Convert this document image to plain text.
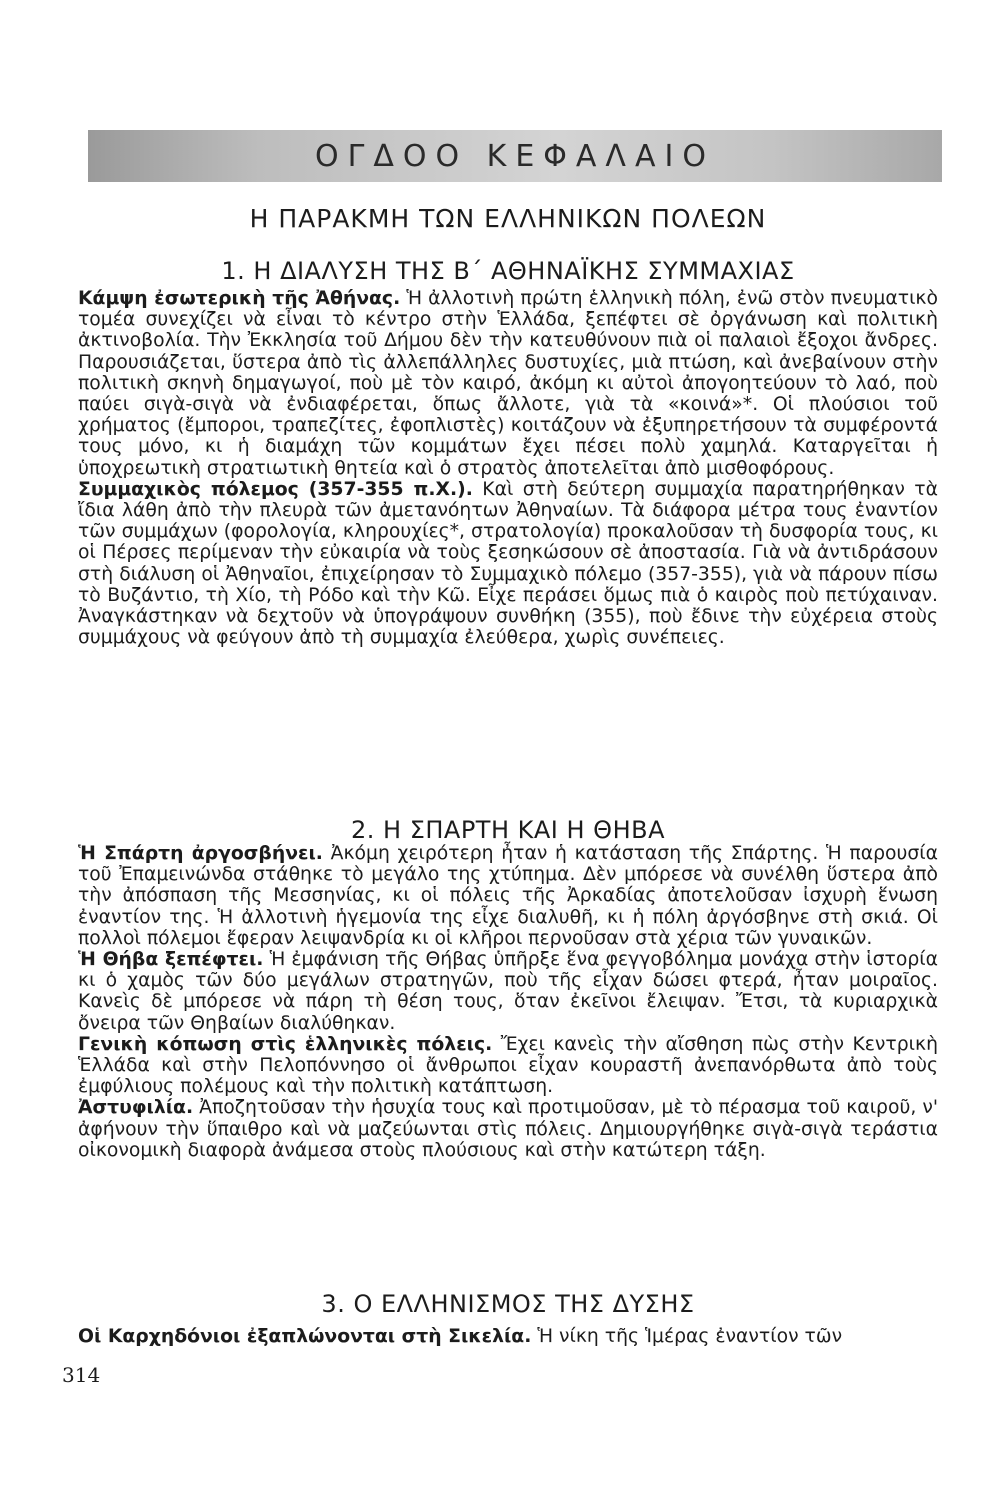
ΟΓΔΟΟ ΚΕΦΑΛΑΙΟ
Η ΠΑΡΑΚΜΗ ΤΩΝ ΕΛΛΗΝΙΚΩΝ ΠΟΛΕΩΝ
1. Η ΔΙΑΛΥΣΗ ΤΗΣ Β΄ ΑΘΗΝΑΪΚΗΣ ΣΥΜΜΑΧΙΑΣ

Κάμψη ἐσωτερικὴ τῆς Ἀθήνας. Ἡ ἀλλοτινὴ πρώτη ἑλληνικὴ πόλη, ἐνῶ στὸν πνευματικὸ τομέα συνεχίζει νὰ εἶναι τὸ κέντρο στὴν Ἑλλάδα, ξεπέφτει σὲ ὀργάνωση καὶ πολιτικὴ ἀκτινοβολία. Τὴν Ἐκκλησία τοῦ Δήμου δὲν τὴν κατευθύνουν πιὰ οἱ παλαιοὶ ἔξοχοι ἄνδρες. Παρουσιάζεται, ὕστερα ἀπὸ τὶς ἀλλεπάλληλες δυστυχίες, μιὰ πτώση, καὶ ἀνεβαίνουν στὴν πολιτικὴ σκηνὴ δημαγωγοί, ποὺ μὲ τὸν καιρό, ἀκόμη κι αὐτοὶ ἀπογοητεύουν τὸ λαό, ποὺ παύει σιγὰ-σιγὰ νὰ ἐνδιαφέρεται, ὅπως ἄλλοτε, γιὰ τὰ «κοινά»*. Οἱ πλούσιοι τοῦ χρήματος (ἔμποροι, τραπεζίτες, ἐφοπλιστὲς) κοιτάζουν νὰ ἐξυπηρετήσουν τὰ συμφέροντά τους μόνο, κι ἡ διαμάχη τῶν κομμάτων ἔχει πέσει πολὺ χαμηλά. Καταργεῖται ἡ ὑποχρεωτικὴ στρατιωτικὴ θητεία καὶ ὁ στρατὸς ἀποτελεῖται ἀπὸ μισθοφόρους.

Συμμαχικὸς πόλεμος (357-355 π.Χ.). Καὶ στὴ δεύτερη συμμαχία παρατηρήθηκαν τὰ ἴδια λάθη ἀπὸ τὴν πλευρὰ τῶν ἀμετανόητων Ἀθηναίων. Τὰ διάφορα μέτρα τους ἐναντίον τῶν συμμάχων (φορολογία, κληρουχίες*, στρατολογία) προκαλοῦσαν τὴ δυσφορία τους, κι οἱ Πέρσες περίμεναν τὴν εὐκαιρία νὰ τοὺς ξεσηκώσουν σὲ ἀποστασία. Γιὰ νὰ ἀντιδράσουν στὴ διάλυση οἱ Ἀθηναῖοι, ἐπιχείρησαν τὸ Συμμαχικὸ πόλεμο (357-355), γιὰ νὰ πάρουν πίσω τὸ Βυζάντιο, τὴ Χίο, τὴ Ρόδο καὶ τὴν Κῶ. Εἶχε περάσει ὅμως πιὰ ὁ καιρὸς ποὺ πετύχαιναν. Ἀναγκάστηκαν νὰ δεχτοῦν νὰ ὑπογράψουν συνθήκη (355), ποὺ ἔδινε τὴν εὐχέρεια στοὺς συμμάχους νὰ φεύγουν ἀπὸ τὴ συμμαχία ἐλεύθερα, χωρὶς συνέπειες.

2. Η ΣΠΑΡΤΗ ΚΑΙ Η ΘΗΒΑ

Ἡ Σπάρτη ἀργοσβήνει. Ἀκόμη χειρότερη ἦταν ἡ κατάσταση τῆς Σπάρτης. Ἡ παρουσία τοῦ Ἐπαμεινώνδα στάθηκε τὸ μεγάλο της χτύπημα. Δὲν μπόρεσε νὰ συνέλθη ὕστερα ἀπὸ τὴν ἀπόσπαση τῆς Μεσσηνίας, κι οἱ πόλεις τῆς Ἀρκαδίας ἀποτελοῦσαν ἰσχυρὴ ἕνωση ἐναντίον της. Ἡ ἀλλοτινὴ ἡγεμονία της εἶχε διαλυθῆ, κι ἡ πόλη ἀργόσβηνε στὴ σκιά. Οἱ πολλοὶ πόλεμοι ἔφεραν λειψανδρία κι οἱ κλῆροι περνοῦσαν στὰ χέρια τῶν γυναικῶν.

Ἡ Θήβα ξεπέφτει. Ἡ ἐμφάνιση τῆς Θήβας ὑπῆρξε ἕνα φεγγοβόλημα μονάχα στὴν ἱστορία κι ὁ χαμὸς τῶν δύο μεγάλων στρατηγῶν, ποὺ τῆς εἶχαν δώσει φτερά, ἦταν μοιραῖος. Κανεὶς δὲ μπόρεσε νὰ πάρη τὴ θέση τους, ὅταν ἐκεῖνοι ἔλειψαν. Ἔτσι, τὰ κυριαρχικὰ ὄνειρα τῶν Θηβαίων διαλύθηκαν.

Γενικὴ κόπωση στὶς ἑλληνικὲς πόλεις. Ἔχει κανεὶς τὴν αἴσθηση πὼς στὴν Κεντρικὴ Ἑλλάδα καὶ στὴν Πελοπόννησο οἱ ἄνθρωποι εἶχαν κουραστῆ ἀνεπανόρθωτα ἀπὸ τοὺς ἐμφύλιους πολέμους καὶ τὴν πολιτικὴ κατάπτωση.

Ἀστυφιλία. Ἀποζητοῦσαν τὴν ἡσυχία τους καὶ προτιμοῦσαν, μὲ τὸ πέρασμα τοῦ καιροῦ, ν' ἀφήνουν τὴν ὕπαιθρο καὶ νὰ μαζεύωνται στὶς πόλεις. Δημιουργήθηκε σιγὰ-σιγὰ τεράστια οἰκονομικὴ διαφορὰ ἀνάμεσα στοὺς πλούσιους καὶ στὴν κατώτερη τάξη.

3. Ο ΕΛΛΗΝΙΣΜΟΣ ΤΗΣ ΔΥΣΗΣ

Οἱ Καρχηδόνιοι ἐξαπλώνονται στὴ Σικελία. Ἡ νίκη τῆς Ἱμέρας ἐναντίον τῶν

314
